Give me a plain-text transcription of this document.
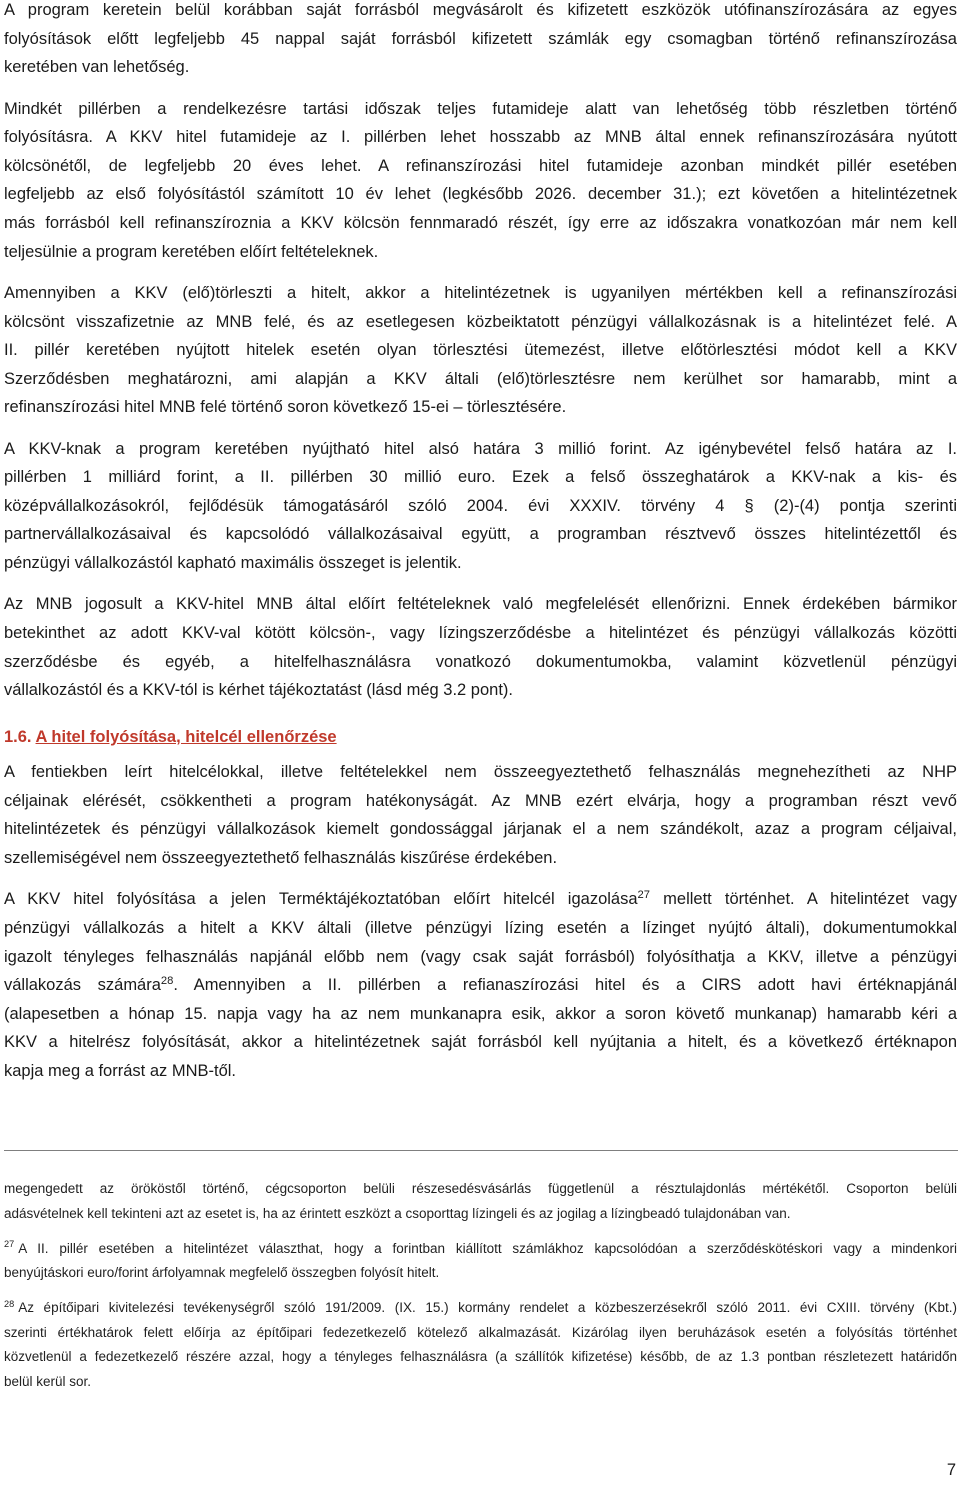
A program keretein belül korábban saját forrásból megvásárolt és kifizetett eszközök utófinanszírozására az egyes
folyósítások előtt legfeljebb 45 nappal saját forrásból kifizetett számlák egy csomagban történő refinanszírozása
keretében van lehetőség.
Mindkét pillérben a rendelkezésre tartási időszak teljes futamideje alatt van lehetőség több részletben történő
folyósításra. A KKV hitel futamideje az I. pillérben lehet hosszabb az MNB által ennek refinanszírozására nyútott
kölcsönétől, de legfeljebb 20 éves lehet. A refinanszírozási hitel futamideje azonban mindkét pillér esetében
legfeljebb az első folyósítástól számított 10 év lehet (legkésőbb 2026. december 31.); ezt követően a hitelintézetnek
más forrásból kell refinanszíroznia a KKV kölcsön fennmaradó részét, így erre az időszakra vonatkozóan már nem kell
teljesülnie a program keretében előírt feltételeknek.
Amennyiben a KKV (elő)törleszti a hitelt, akkor a hitelintézetnek is ugyanilyen mértékben kell a refinanszírozási
kölcsönt visszafizetnie az MNB felé, és az esetlegesen közbeiktatott pénzügyi vállalkozásnak is a hitelintézet felé. A
II. pillér keretében nyújtott hitelek esetén olyan törlesztési ütemezést, illetve előtörlesztési módot kell a KKV
Szerződésben meghatározni, ami alapján a KKV általi (elő)törlesztésre nem kerülhet sor hamarabb, mint a
refinanszírozási hitel MNB felé történő soron következő 15-ei – törlesztésére.
A KKV-knak a program keretében nyújtható hitel alsó határa 3 millió forint. Az igénybevétel felső határa az I.
pillérben 1 milliárd forint, a II. pillérben 30 millió euro. Ezek a felső összeghatárok a KKV-nak a kis- és
középvállalkozásokról, fejlődésük támogatásáról szóló 2004. évi XXXIV. törvény 4 § (2)-(4) pontja szerinti
partnervállalkozásaival és kapcsolódó vállalkozásaival együtt, a programban résztvevő összes hitelintézettől és
pénzügyi vállalkozástól kapható maximális összeget is jelentik.
Az MNB jogosult a KKV-hitel MNB által előírt feltételeknek való megfelelését ellenőrizni. Ennek érdekében bármikor
betekinthet az adott KKV-val kötött kölcsön-, vagy lízingszerződésbe a hitelintézet és pénzügyi vállalkozás közötti
szerződésbe és egyéb, a hitelfelhasználásra vonatkozó dokumentumokba, valamint közvetlenül pénzügyi
vállalkozástól és a KKV-tól is kérhet tájékoztatást (lásd még 3.2 pont).
1.6. A hitel folyósítása, hitelcél ellenőrzése
A fentiekben leírt hitelcélokkal, illetve feltételekkel nem összeegyeztethető felhasználás megnehezítheti az NHP
céljainak elérését, csökkentheti a program hatékonyságát. Az MNB ezért elvárja, hogy a programban részt vevő
hitelintézetek és pénzügyi vállalkozások kiemelt gondossággal járjanak el a nem szándékolt, azaz a program céljaival,
szellemiségével nem összeegyeztethető felhasználás kiszűrése érdekében.
A KKV hitel folyósítása a jelen Terméktájékoztatóban előírt hitelcél igazolása$^{27}$ mellett történhet. A hitelintézet vagy
pénzügyi vállalkozás a hitelt a KKV általi (illetve pénzügyi lízing esetén a lízinget nyújtó általi), dokumentumokkal
igazolt tényleges felhasználás napjánál előbb nem (vagy csak saját forrásból) folyósíthatja a KKV, illetve a pénzügyi
vállakozás számára$^{28}$. Amennyiben a II. pillérben a refianaszírozási hitel és a CIRS adott havi értéknapjánál
(alapesetben a hónap 15. napja vagy ha az nem munkanapra esik, akkor a soron követő munkanap) hamarabb kéri a
KKV a hitelrész folyósítását, akkor a hitelintézetnek saját forrásból kell nyújtania a hitelt, és a következő értéknapon
kapja meg a forrást az MNB-től.
megengedett az örököstől történő, cégcsoporton belüli részesedésvásárlás függetlenül a résztulajdonlás mértékétől. Csoporton belüli
adásvételnek kell tekinteni azt az esetet is, ha az érintett eszközt a csoporttag lízingeli és az jogilag a lízingbeadó tulajdonában van.
$^{27}$ A II. pillér esetében a hitelintézet választhat, hogy a forintban kiállított számlákhoz kapcsolódóan a szerződéskötéskori vagy a mindenkori
benyújtáskori euro/forint árfolyamnak megfelelő összegben folyósít hitelt.
$^{28}$ Az építőipari kivitelezési tevékenységről szóló 191/2009. (IX. 15.) kormány rendelet a közbeszerzésekről szóló 2011. évi CXIII. törvény (Kbt.)
szerinti értékhatárok felett előírja az építőipari fedezetkezelő kötelező alkalmazását. Kizárólag ilyen beruházások esetén a folyósítás történhet
közvetlenül a fedezetkezelő részére azzal, hogy a tényleges felhasználásra (a szállítók kifizetése) később, de az 1.3 pontban részletezett határidőn
belül kerül sor.
7
